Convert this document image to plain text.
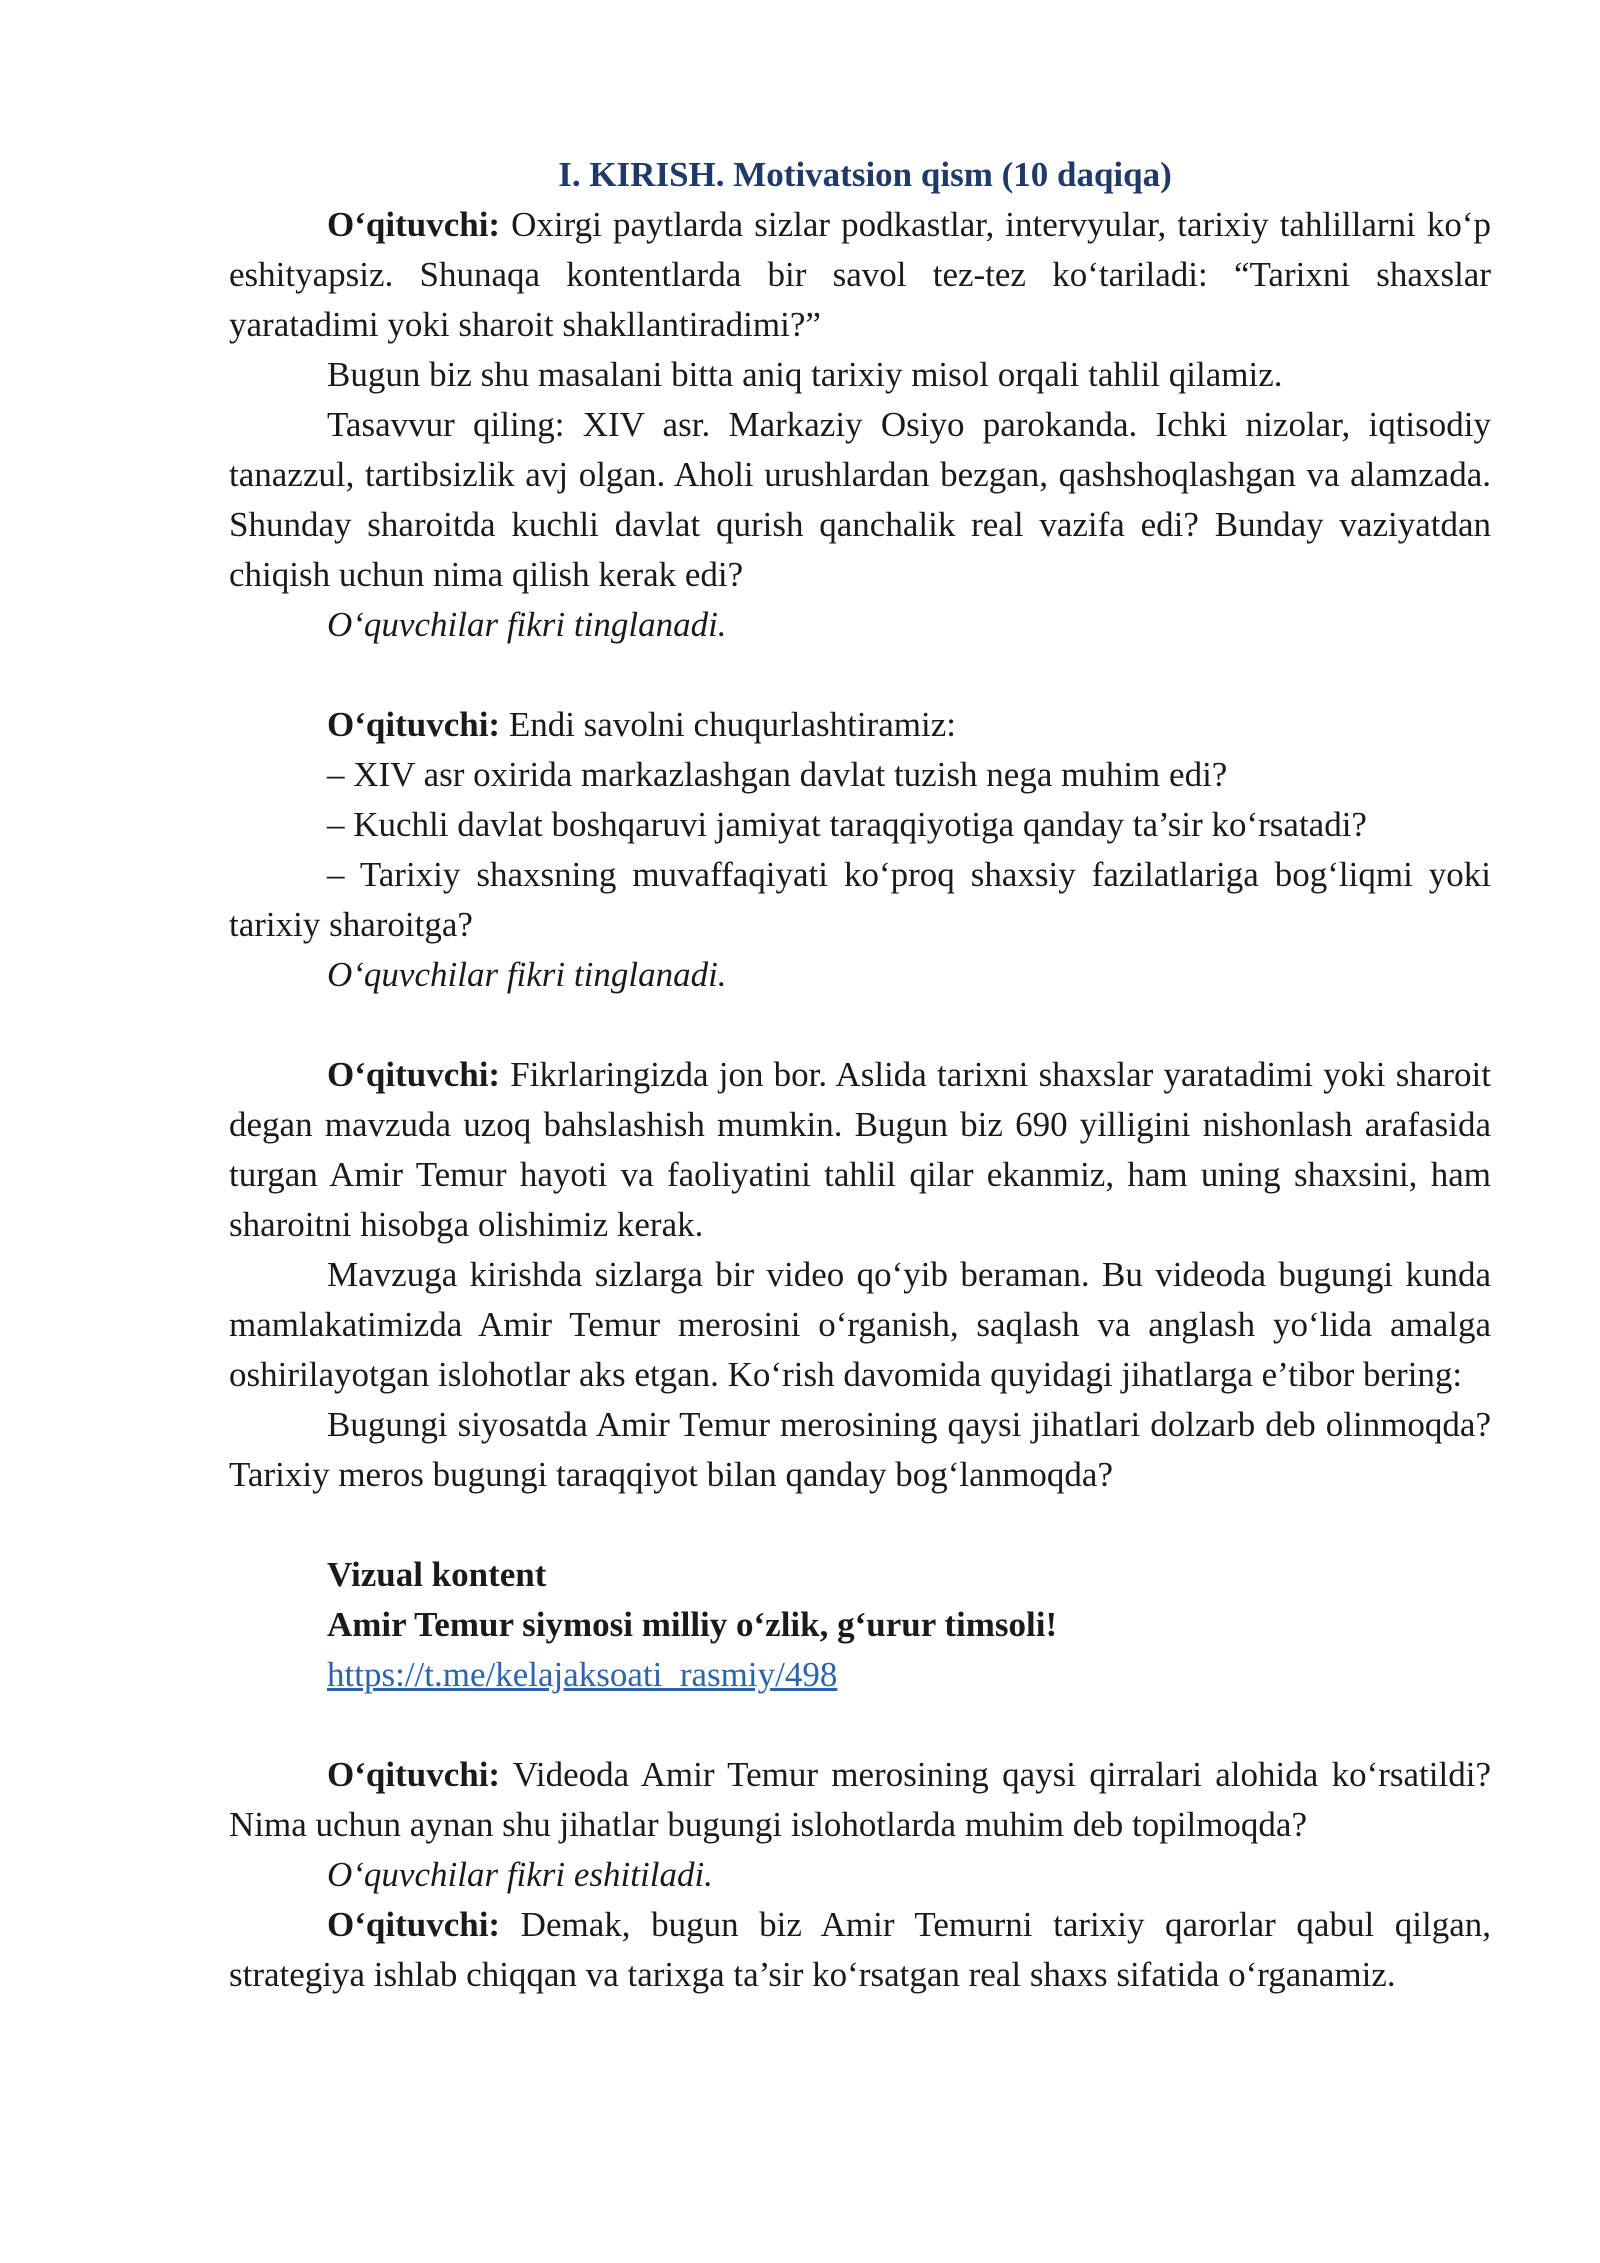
I. KIRISH. Motivatsion qism (10 daqiqa)

O‘qituvchi: Oxirgi paytlarda sizlar podkastlar, intervyular, tarixiy tahlillarni ko‘p eshityapsiz. Shunaqa kontentlarda bir savol tez-tez ko‘tariladi: “Tarixni shaxslar yaratadimi yoki sharoit shakllantiradimi?”

Bugun biz shu masalani bitta aniq tarixiy misol orqali tahlil qilamiz.

Tasavvur qiling: XIV asr. Markaziy Osiyo parokanda. Ichki nizolar, iqtisodiy tanazzul, tartibsizlik avj olgan. Aholi urushlardan bezgan, qashshoqlashgan va alamzada. Shunday sharoitda kuchli davlat qurish qanchalik real vazifa edi? Bunday vaziyatdan chiqish uchun nima qilish kerak edi?

O‘quvchilar fikri tinglanadi.

O‘qituvchi: Endi savolni chuqurlashtiramiz:

– XIV asr oxirida markazlashgan davlat tuzish nega muhim edi?

– Kuchli davlat boshqaruvi jamiyat taraqqiyotiga qanday ta’sir ko‘rsatadi?

– Tarixiy shaxsning muvaffaqiyati ko‘proq shaxsiy fazilatlariga bog‘liqmi yoki tarixiy sharoitga?

O‘quvchilar fikri tinglanadi.

O‘qituvchi: Fikrlaringizda jon bor. Aslida tarixni shaxslar yaratadimi yoki sharoit degan mavzuda uzoq bahslashish mumkin. Bugun biz 690 yilligini nishonlash arafasida turgan Amir Temur hayoti va faoliyatini tahlil qilar ekanmiz, ham uning shaxsini, ham sharoitni hisobga olishimiz kerak.

Mavzuga kirishda sizlarga bir video qo‘yib beraman. Bu videoda bugungi kunda mamlakatimizda Amir Temur merosini o‘rganish, saqlash va anglash yo‘lida amalga oshirilayotgan islohotlar aks etgan. Ko‘rish davomida quyidagi jihatlarga e’tibor bering:

Bugungi siyosatda Amir Temur merosining qaysi jihatlari dolzarb deb olinmoqda? Tarixiy meros bugungi taraqqiyot bilan qanday bog‘lanmoqda?

Vizual kontent
Amir Temur siymosi milliy o‘zlik, g‘urur timsoli!
https://t.me/kelajaksoati_rasmiy/498

O‘qituvchi: Videoda Amir Temur merosining qaysi qirralari alohida ko‘rsatildi? Nima uchun aynan shu jihatlar bugungi islohotlarda muhim deb topilmoqda?

O‘quvchilar fikri eshitiladi.

O‘qituvchi: Demak, bugun biz Amir Temurni tarixiy qarorlar qabul qilgan, strategiya ishlab chiqqan va tarixga ta’sir ko‘rsatgan real shaxs sifatida o‘rganamiz.
